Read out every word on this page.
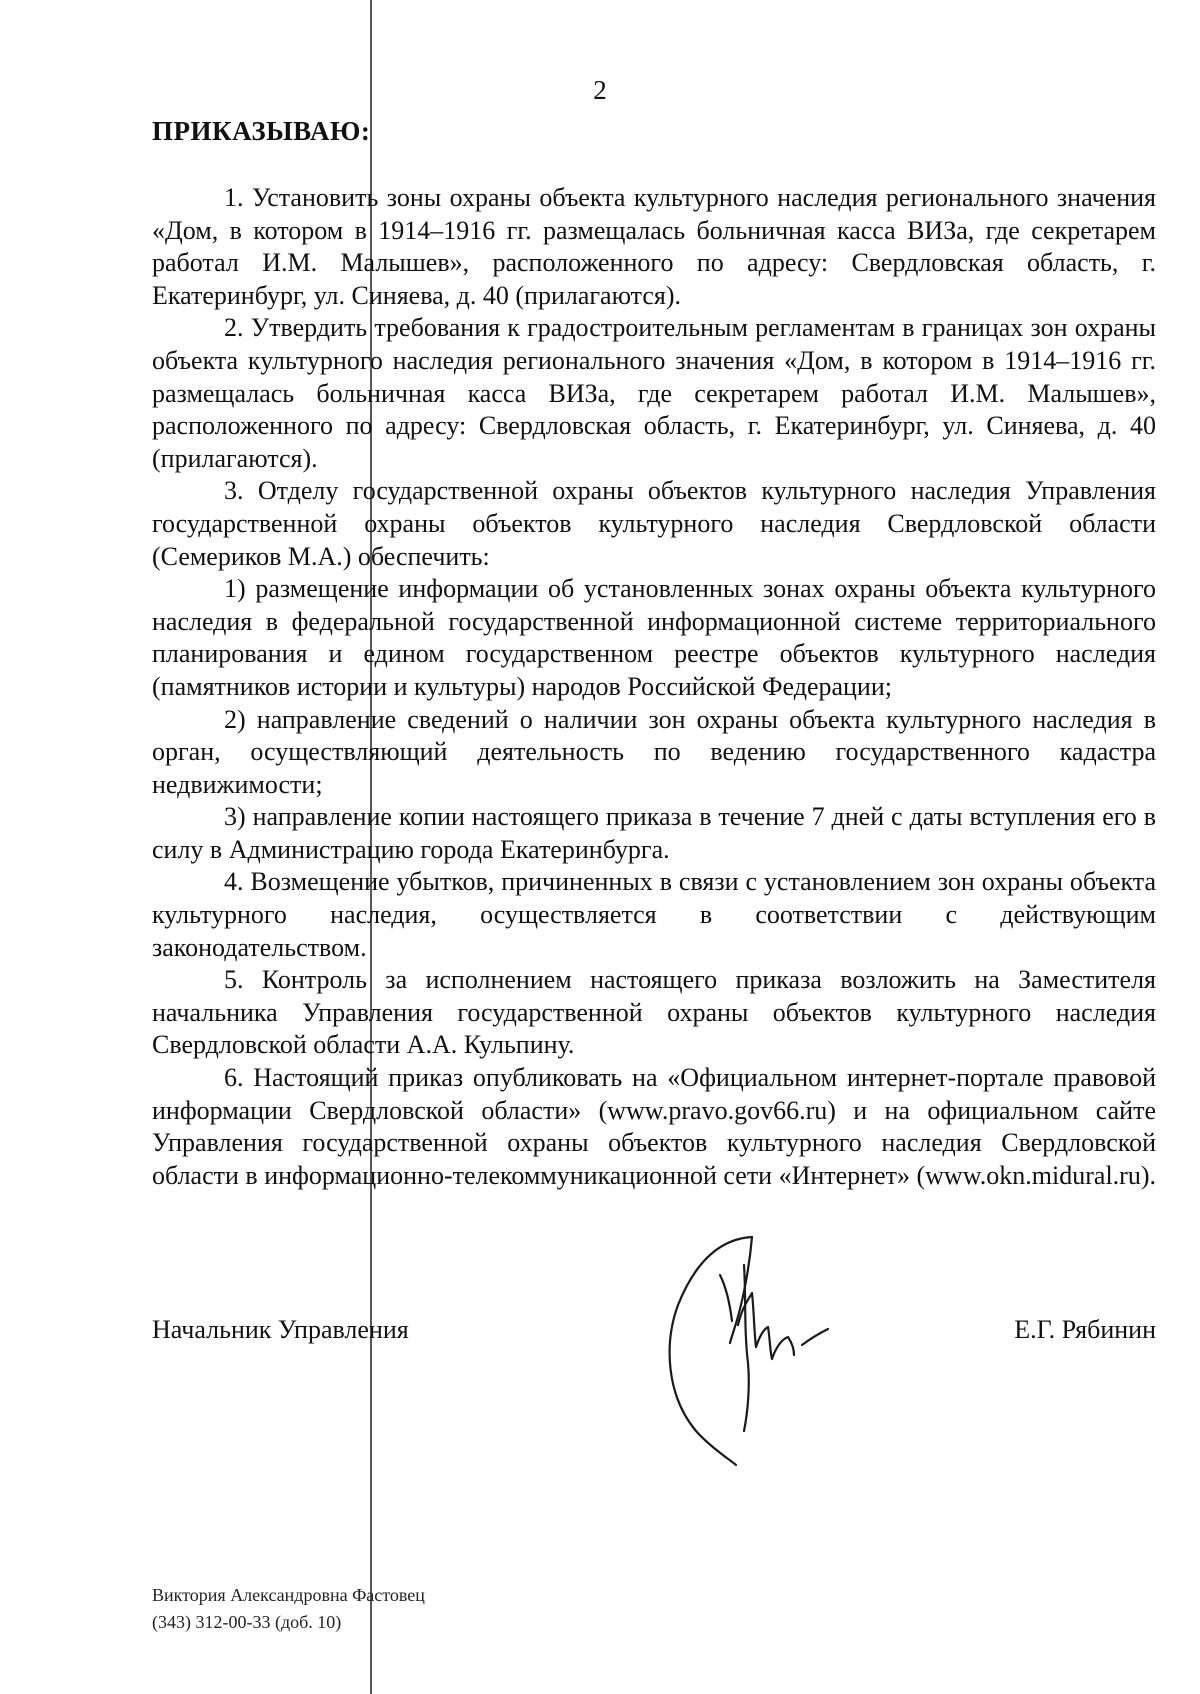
2
ПРИКАЗЫВАЮ:

1. Установить зоны охраны объекта культурного наследия регионального значения «Дом, в котором в 1914–1916 гг. размещалась больничная касса ВИЗа, где секретарем работал И.М. Малышев», расположенного по адресу: Свердловская область, г. Екатеринбург, ул. Синяева, д. 40 (прилагаются).

2. Утвердить требования к градостроительным регламентам в границах зон охраны объекта культурного наследия регионального значения «Дом, в котором в 1914–1916 гг. размещалась больничная касса ВИЗа, где секретарем работал И.М. Малышев», расположенного по адресу: Свердловская область, г. Екатеринбург, ул. Синяева, д. 40 (прилагаются).

3. Отделу государственной охраны объектов культурного наследия Управления государственной охраны объектов культурного наследия Свердловской области (Семериков М.А.) обеспечить:

1) размещение информации об установленных зонах охраны объекта культурного наследия в федеральной государственной информационной системе территориального планирования и едином государственном реестре объектов культурного наследия (памятников истории и культуры) народов Российской Федерации;

2) направление сведений о наличии зон охраны объекта культурного наследия в орган, осуществляющий деятельность по ведению государственного кадастра недвижимости;

3) направление копии настоящего приказа в течение 7 дней с даты вступления его в силу в Администрацию города Екатеринбурга.

4. Возмещение убытков, причиненных в связи с установлением зон охраны объекта культурного наследия, осуществляется в соответствии с действующим законодательством.

5. Контроль за исполнением настоящего приказа возложить на Заместителя начальника Управления государственной охраны объектов культурного наследия Свердловской области А.А. Кульпину.

6. Настоящий приказ опубликовать на «Официальном интернет-портале правовой информации Свердловской области» (www.pravo.gov66.ru) и на официальном сайте Управления государственной охраны объектов культурного наследия Свердловской области в информационно-телекоммуникационной сети «Интернет» (www.okn.midural.ru).

Начальник Управления	Е.Г. Рябинин
Виктория Александровна Фастовец
(343) 312-00-33 (доб. 10)
